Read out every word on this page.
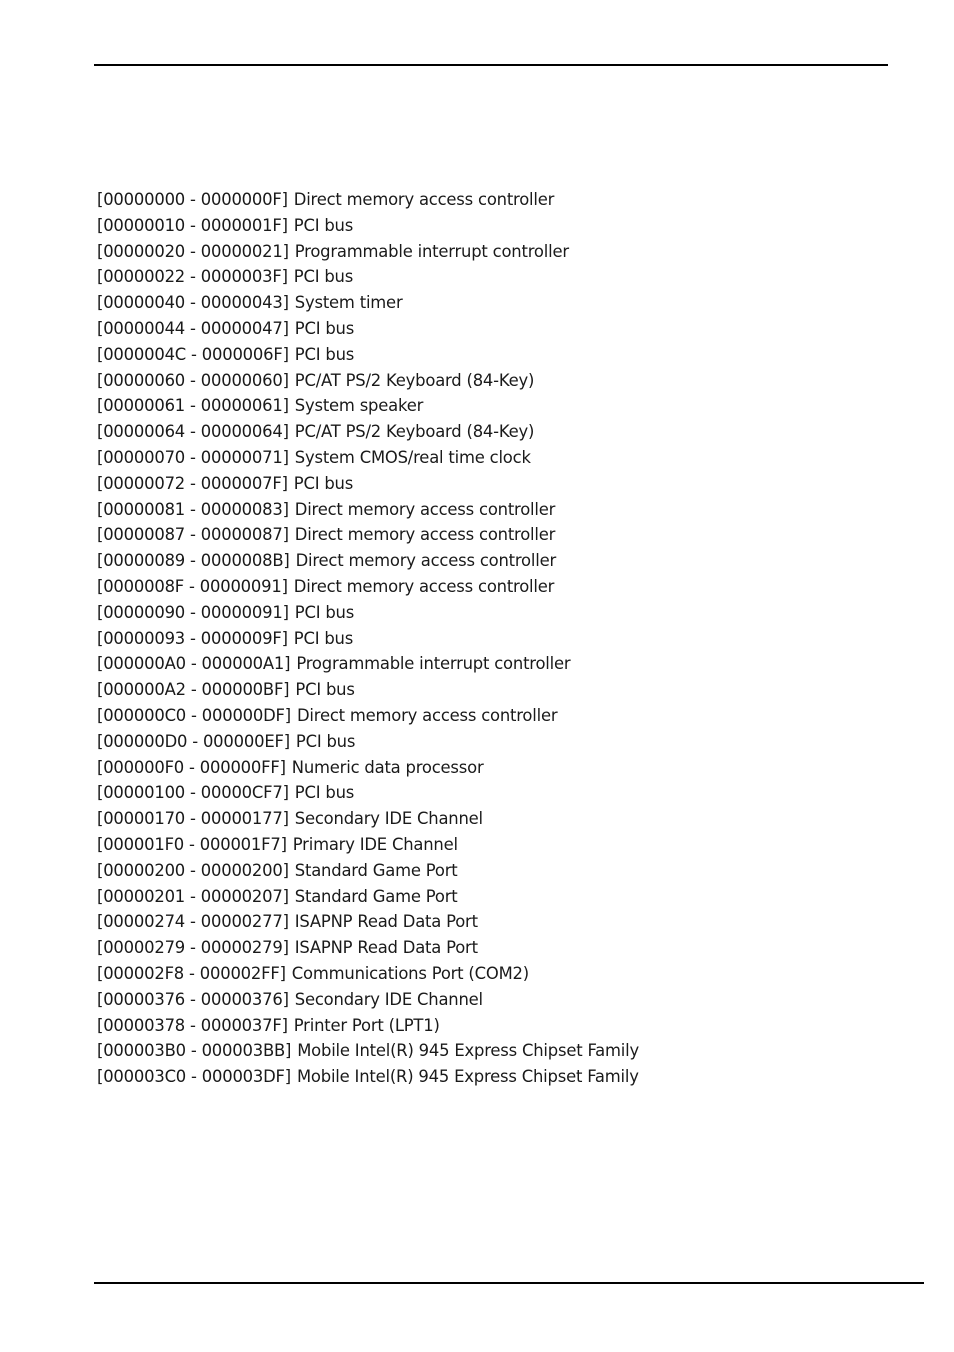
[00000000 - 0000000F] Direct memory access controller
[00000010 - 0000001F] PCI bus
[00000020 - 00000021] Programmable interrupt controller
[00000022 - 0000003F] PCI bus
[00000040 - 00000043] System timer
[00000044 - 00000047] PCI bus
[0000004C - 0000006F] PCI bus
[00000060 - 00000060] PC/AT PS/2 Keyboard (84-Key)
[00000061 - 00000061] System speaker
[00000064 - 00000064] PC/AT PS/2 Keyboard (84-Key)
[00000070 - 00000071] System CMOS/real time clock
[00000072 - 0000007F] PCI bus
[00000081 - 00000083] Direct memory access controller
[00000087 - 00000087] Direct memory access controller
[00000089 - 0000008B] Direct memory access controller
[0000008F - 00000091] Direct memory access controller
[00000090 - 00000091] PCI bus
[00000093 - 0000009F] PCI bus
[000000A0 - 000000A1] Programmable interrupt controller
[000000A2 - 000000BF] PCI bus
[000000C0 - 000000DF] Direct memory access controller
[000000D0 - 000000EF] PCI bus
[000000F0 - 000000FF] Numeric data processor
[00000100 - 00000CF7] PCI bus
[00000170 - 00000177] Secondary IDE Channel
[000001F0 - 000001F7] Primary IDE Channel
[00000200 - 00000200] Standard Game Port
[00000201 - 00000207] Standard Game Port
[00000274 - 00000277] ISAPNP Read Data Port
[00000279 - 00000279] ISAPNP Read Data Port
[000002F8 - 000002FF] Communications Port (COM2)
[00000376 - 00000376] Secondary IDE Channel
[00000378 - 0000037F] Printer Port (LPT1)
[000003B0 - 000003BB] Mobile Intel(R) 945 Express Chipset Family
[000003C0 - 000003DF] Mobile Intel(R) 945 Express Chipset Family
